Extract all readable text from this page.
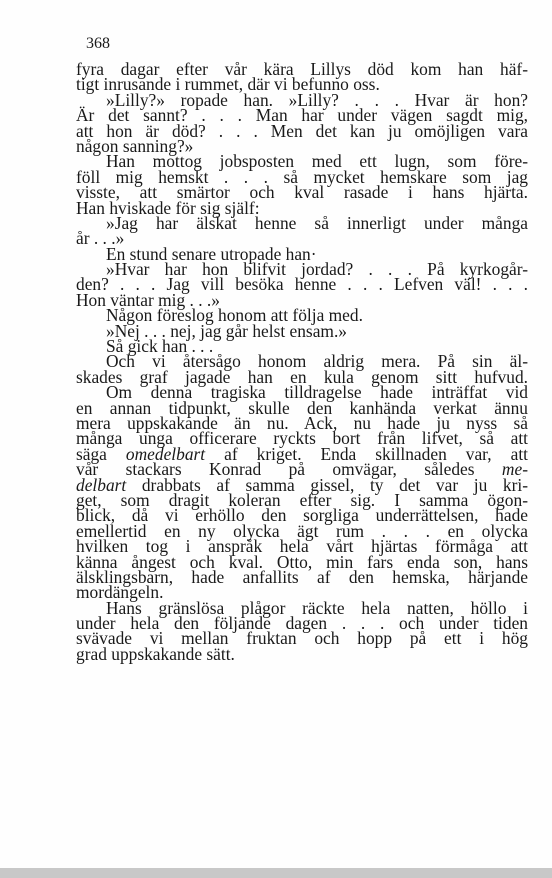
368
fyra dagar efter vår kära Lillys död kom han häf-
tigt inrusande i rummet, där vi befunno oss.
»Lilly?» ropade han. »Lilly? . . . Hvar är hon?
Är det sannt? . . . Man har under vägen sagdt mig,
att hon är död? . . . Men det kan ju omöjligen vara
någon sanning?»
Han mottog jobsposten med ett lugn, som före-
föll mig hemskt . . . så mycket hemskare som jag
visste, att smärtor och kval rasade i hans hjärta.
Han hviskade för sig själf:
»Jag har älskat henne så innerligt under många
år . . .»
En stund senare utropade han·
»Hvar har hon blifvit jordad? . . . På kyrkogår-
den? . . . Jag vill besöka henne . . . Lefven väl! . . .
Hon väntar mig . . .»
Någon föreslog honom att följa med.
»Nej . . . nej, jag går helst ensam.»
Så gick han . . .
Och vi återsågo honom aldrig mera. På sin äl-
skades graf jagade han en kula genom sitt hufvud.
Om denna tragiska tilldragelse hade inträffat vid
en annan tidpunkt, skulle den kanhända verkat ännu
mera uppskakande än nu. Ack, nu hade ju nyss så
många unga officerare ryckts bort från lifvet, så att
säga omedelbart af kriget. Enda skillnaden var, att
vår stackars Konrad på omvägar, således me-
delbart drabbats af samma gissel, ty det var ju kri-
get, som dragit koleran efter sig. I samma ögon-
blick, då vi erhöllo den sorgliga underrättelsen, hade
emellertid en ny olycka ägt rum . . . en olycka
hvilken tog i anspråk hela vårt hjärtas förmåga att
känna ångest och kval. Otto, min fars enda son, hans
älsklingsbarn, hade anfallits af den hemska, härjande
mordängeln.
Hans gränslösa plågor räckte hela natten, höllo i
under hela den följande dagen . . . och under tiden
svävade vi mellan fruktan och hopp på ett i hög
grad uppskakande sätt.
